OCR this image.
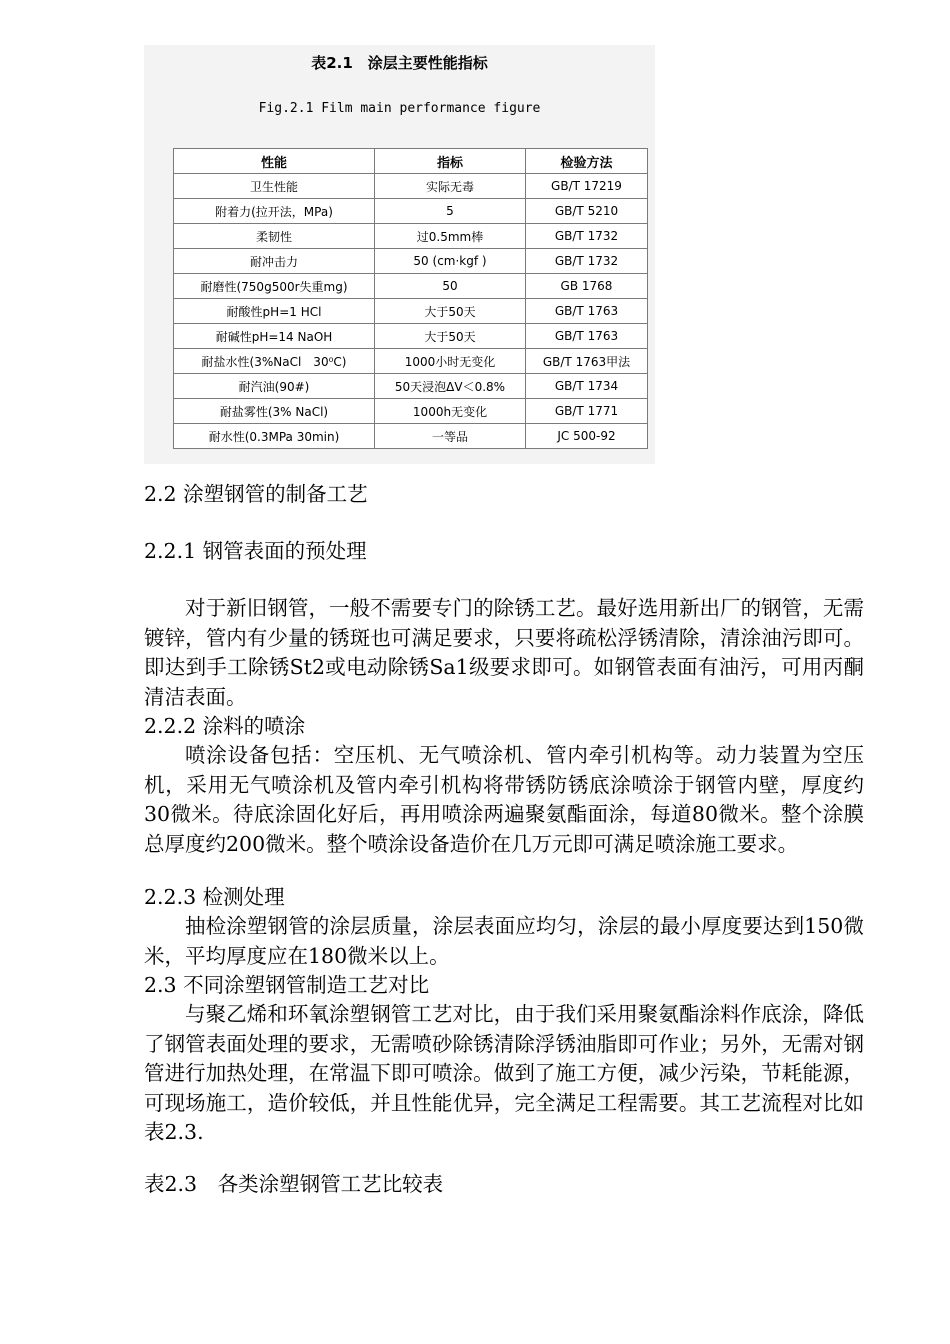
表2.1　涂层主要性能指标
Fig.2.1 Film main performance figure
性能	指标	检验方法
卫生性能	实际无毒	GB/T 17219
附着力(拉开法，MPa)	5	GB/T 5210
柔韧性	过0.5mm棒	GB/T 1732
耐冲击力	50 (cm·kgf )	GB/T 1732
耐磨性(750g500r失重mg)	50	GB 1768
耐酸性pH=1 HCl	大于50天	GB/T 1763
耐碱性pH=14 NaOH	大于50天	GB/T 1763
耐盐水性(3%NaCl　30⁰C)	1000小时无变化	GB/T 1763甲法
耐汽油(90#)	50天浸泡ΔV＜0.8%	GB/T 1734
耐盐雾性(3% NaCl)	1000h无变化	GB/T 1771
耐水性(0.3MPa 30min)	一等品	JC 500-92
2.2 涂塑钢管的制备工艺
2.2.1 钢管表面的预处理
对于新旧钢管，一般不需要专门的除锈工艺。最好选用新出厂的钢管，无需镀锌，管内有少量的锈斑也可满足要求，只要将疏松浮锈清除，清涂油污即可。即达到手工除锈St2或电动除锈Sa1级要求即可。如钢管表面有油污，可用丙酮清洁表面。
2.2.2 涂料的喷涂
喷涂设备包括：空压机、无气喷涂机、管内牵引机构等。动力装置为空压机，采用无气喷涂机及管内牵引机构将带锈防锈底涂喷涂于钢管内壁，厚度约30微米。待底涂固化好后，再用喷涂两遍聚氨酯面涂，每道80微米。整个涂膜总厚度约200微米。整个喷涂设备造价在几万元即可满足喷涂施工要求。
2.2.3 检测处理
抽检涂塑钢管的涂层质量，涂层表面应均匀，涂层的最小厚度要达到150微米，平均厚度应在180微米以上。
2.3 不同涂塑钢管制造工艺对比
与聚乙烯和环氧涂塑钢管工艺对比，由于我们采用聚氨酯涂料作底涂，降低了钢管表面处理的要求，无需喷砂除锈清除浮锈油脂即可作业；另外，无需对钢管进行加热处理，在常温下即可喷涂。做到了施工方便，减少污染，节耗能源，可现场施工，造价较低，并且性能优异，完全满足工程需要。其工艺流程对比如表2.3.
表2.3　各类涂塑钢管工艺比较表
